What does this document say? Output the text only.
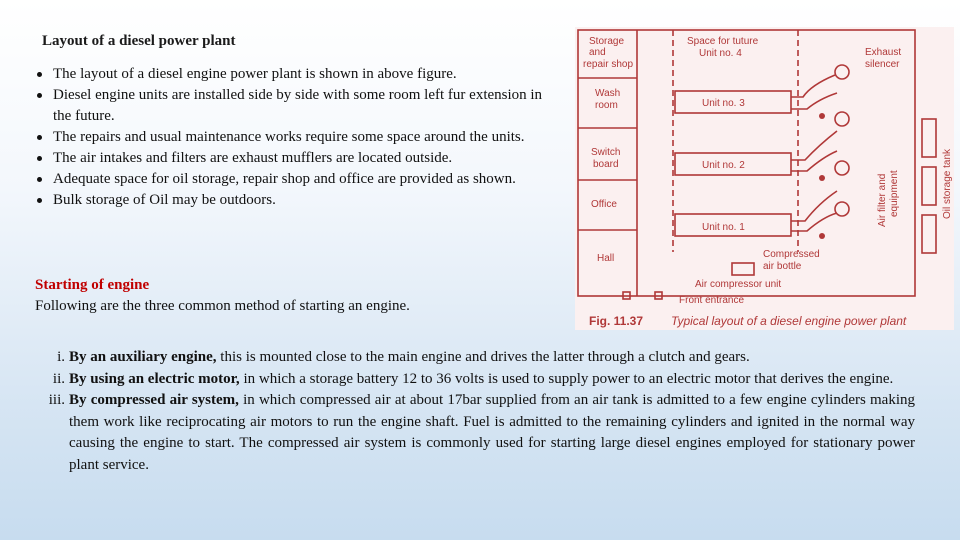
Layout of a diesel power plant
The layout of a diesel engine power plant is shown in above figure.
Diesel engine units are installed side by side with some room left fur extension in the future.
The repairs and usual maintenance works require some space around the units.
The air intakes and filters are exhaust mufflers are located outside.
Adequate space for oil storage, repair shop and office are provided as shown.
Bulk storage of Oil may be outdoors.
Starting of engine
Following are the three common method of starting an engine.
i. By an auxiliary engine, this is mounted close to the main engine and drives the latter through a clutch and gears.
ii. By using an electric motor, in which a storage battery 12 to 36 volts is used to supply power to an electric motor that derives the engine.
iii. By compressed air system, in which compressed air at about 17bar supplied from an air tank is admitted to a few engine cylinders making them work like reciprocating air motors to run the engine shaft. Fuel is admitted to the remaining cylinders and ignited in the normal way causing the engine to start. The compressed air system is commonly used for starting large diesel engines employed for stationary power plant service.
Storage
and
repair shop
Wash
room
Switch
board
Office
Hall
Space for tuture
Unit no. 4
Unit no. 3
Unit no. 2
Unit no. 1
Exhaust
silencer
Air filter and equipment	Oil storage tank
Compressed
air bottle
Air compressor unit
Front entrance
Fig. 11.37 Typical layout of a diesel engine power plant
